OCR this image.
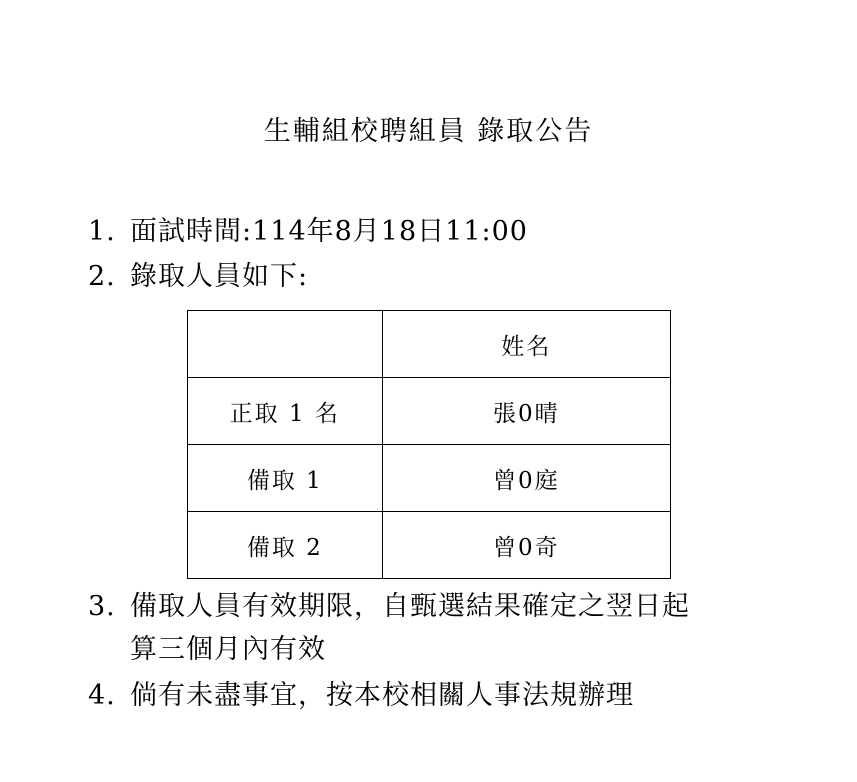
生輔組校聘組員 錄取公告
1. 面試時間:114年8月18日11:00
2. 錄取人員如下:
	姓名
正取 1 名	張0晴
備取 1	曾0庭
備取 2	曾0奇
3. 備取人員有效期限，自甄選結果確定之翌日起
算三個月內有效
4. 倘有未盡事宜，按本校相關人事法規辦理
